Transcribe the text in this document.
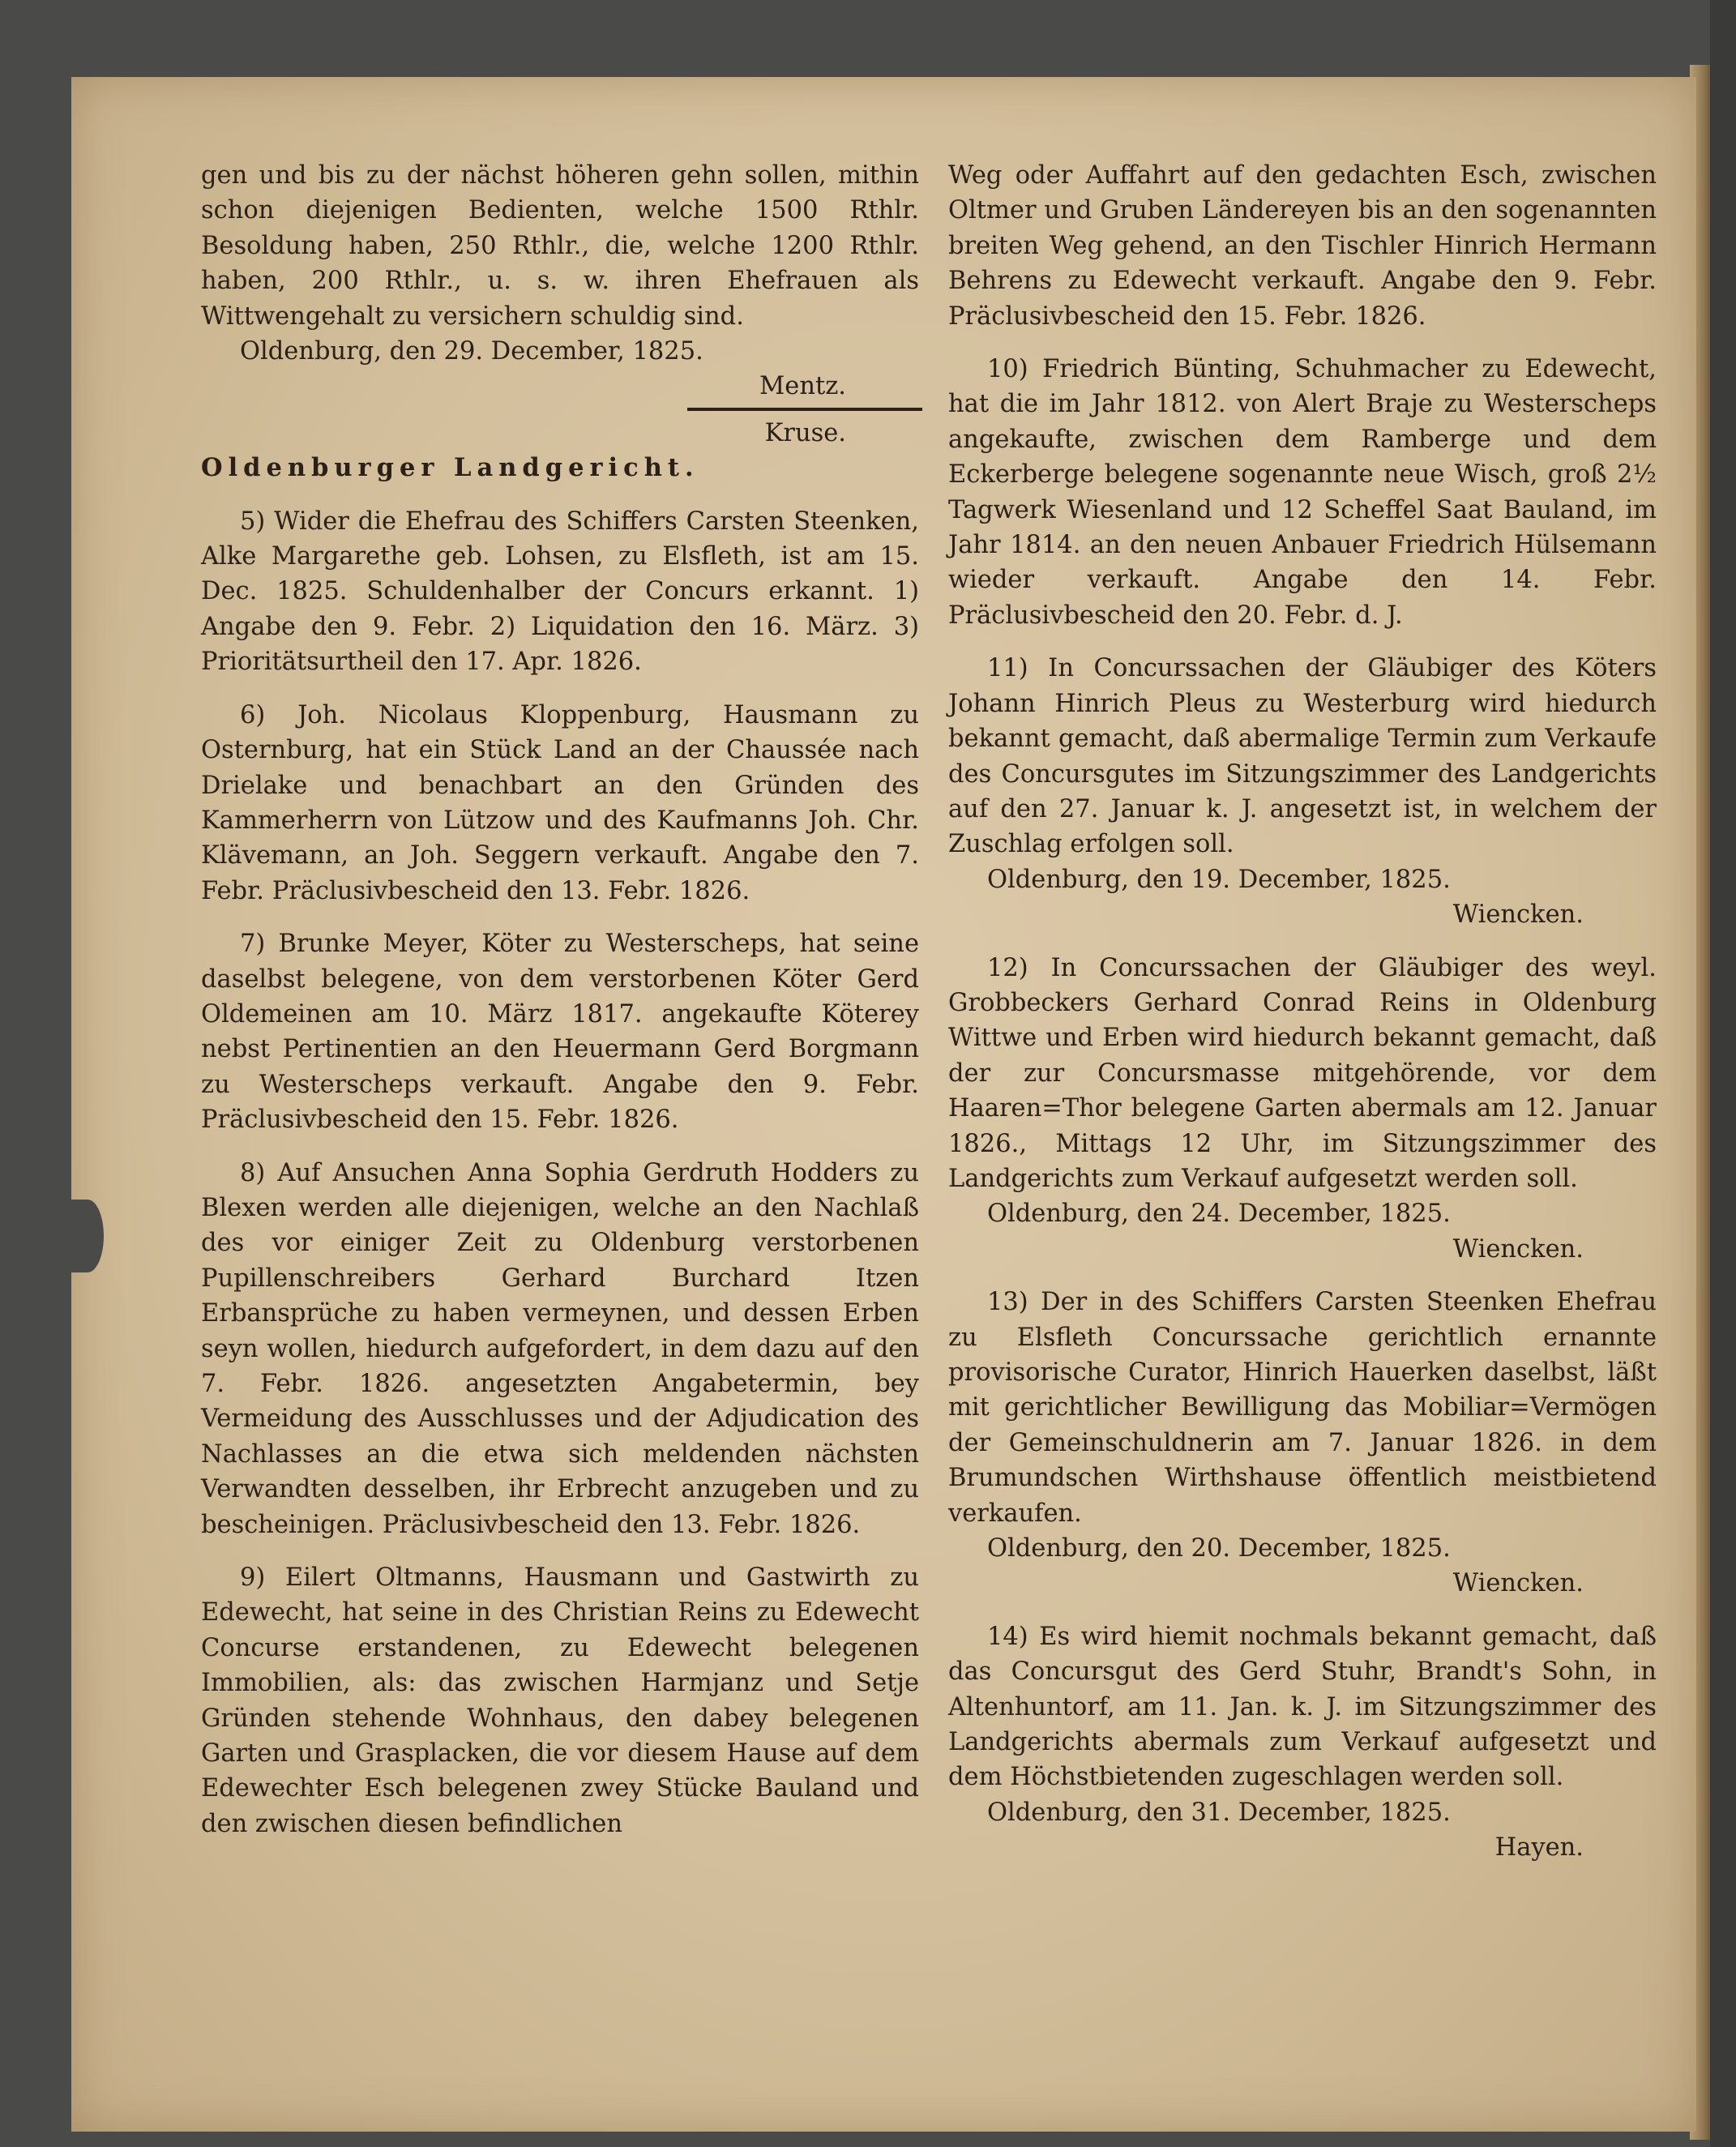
gen und bis zu der nächst höheren gehn sollen, mithin schon diejenigen Bedienten, welche 1500 Rthlr. Besoldung haben, 250 Rthlr., die, welche 1200 Rthlr. haben, 200 Rthlr., u. s. w. ihren Ehefrauen als Wittwengehalt zu versichern schuldig sind.

Oldenburg, den 29. December, 1825.

Mentz.

Kruse.

Oldenburger Landgericht.

5) Wider die Ehefrau des Schiffers Carsten Steenken, Alke Margarethe geb. Lohsen, zu Elsfleth, ist am 15. Dec. 1825. Schuldenhalber der Concurs erkannt. 1) Angabe den 9. Febr. 2) Liquidation den 16. März. 3) Prioritätsurtheil den 17. Apr. 1826.

6) Joh. Nicolaus Kloppenburg, Hausmann zu Osternburg, hat ein Stück Land an der Chaussée nach Drielake und benachbart an den Gründen des Kammerherrn von Lützow und des Kaufmanns Joh. Chr. Klävemann, an Joh. Seggern verkauft. Angabe den 7. Febr. Präclusivbescheid den 13. Febr. 1826.

7) Brunke Meyer, Köter zu Westerscheps, hat seine daselbst belegene, von dem verstorbenen Köter Gerd Oldemeinen am 10. März 1817. angekaufte Köterey nebst Pertinentien an den Heuermann Gerd Borgmann zu Westerscheps verkauft. Angabe den 9. Febr. Präclusivbescheid den 15. Febr. 1826.

8) Auf Ansuchen Anna Sophia Gerdruth Hodders zu Blexen werden alle diejenigen, welche an den Nachlaß des vor einiger Zeit zu Oldenburg verstorbenen Pupillenschreibers Gerhard Burchard Itzen Erbansprüche zu haben vermeynen, und dessen Erben seyn wollen, hiedurch aufgefordert, in dem dazu auf den 7. Febr. 1826. angesetzten Angabetermin, bey Vermeidung des Ausschlusses und der Adjudication des Nachlasses an die etwa sich meldenden nächsten Verwandten desselben, ihr Erbrecht anzugeben und zu bescheinigen. Präclusivbescheid den 13. Febr. 1826.

9) Eilert Oltmanns, Hausmann und Gastwirth zu Edewecht, hat seine in des Christian Reins zu Edewecht Concurse erstandenen, zu Edewecht belegenen Immobilien, als: das zwischen Harmjanz und Setje Gründen stehende Wohnhaus, den dabey belegenen Garten und Grasplacken, die vor diesem Hause auf dem Edewechter Esch belegenen zwey Stücke Bauland und den zwischen diesen befindlichen

Weg oder Auffahrt auf den gedachten Esch, zwischen Oltmer und Gruben Ländereyen bis an den sogenannten breiten Weg gehend, an den Tischler Hinrich Hermann Behrens zu Edewecht verkauft. Angabe den 9. Febr. Präclusivbescheid den 15. Febr. 1826.

10) Friedrich Bünting, Schuhmacher zu Edewecht, hat die im Jahr 1812. von Alert Braje zu Westerscheps angekaufte, zwischen dem Ramberge und dem Eckerberge belegene sogenannte neue Wisch, groß 2½ Tagwerk Wiesenland und 12 Scheffel Saat Bauland, im Jahr 1814. an den neuen Anbauer Friedrich Hülsemann wieder verkauft. Angabe den 14. Febr. Präclusivbescheid den 20. Febr. d. J.

11) In Concurssachen der Gläubiger des Köters Johann Hinrich Pleus zu Westerburg wird hiedurch bekannt gemacht, daß abermalige Termin zum Verkaufe des Concursgutes im Sitzungszimmer des Landgerichts auf den 27. Januar k. J. angesetzt ist, in welchem der Zuschlag erfolgen soll.

Oldenburg, den 19. December, 1825.

Wiencken.

12) In Concurssachen der Gläubiger des weyl. Grobbeckers Gerhard Conrad Reins in Oldenburg Wittwe und Erben wird hiedurch bekannt gemacht, daß der zur Concursmasse mitgehörende, vor dem Haaren=Thor belegene Garten abermals am 12. Januar 1826., Mittags 12 Uhr, im Sitzungszimmer des Landgerichts zum Verkauf aufgesetzt werden soll.

Oldenburg, den 24. December, 1825.

Wiencken.

13) Der in des Schiffers Carsten Steenken Ehefrau zu Elsfleth Concurssache gerichtlich ernannte provisorische Curator, Hinrich Hauerken daselbst, läßt mit gerichtlicher Bewilligung das Mobiliar=Vermögen der Gemeinschuldnerin am 7. Januar 1826. in dem Brumundschen Wirthshause öffentlich meistbietend verkaufen.

Oldenburg, den 20. December, 1825.

Wiencken.

14) Es wird hiemit nochmals bekannt gemacht, daß das Concursgut des Gerd Stuhr, Brandt's Sohn, in Altenhuntorf, am 11. Jan. k. J. im Sitzungszimmer des Landgerichts abermals zum Verkauf aufgesetzt und dem Höchstbietenden zugeschlagen werden soll.

Oldenburg, den 31. December, 1825.

Hayen.
